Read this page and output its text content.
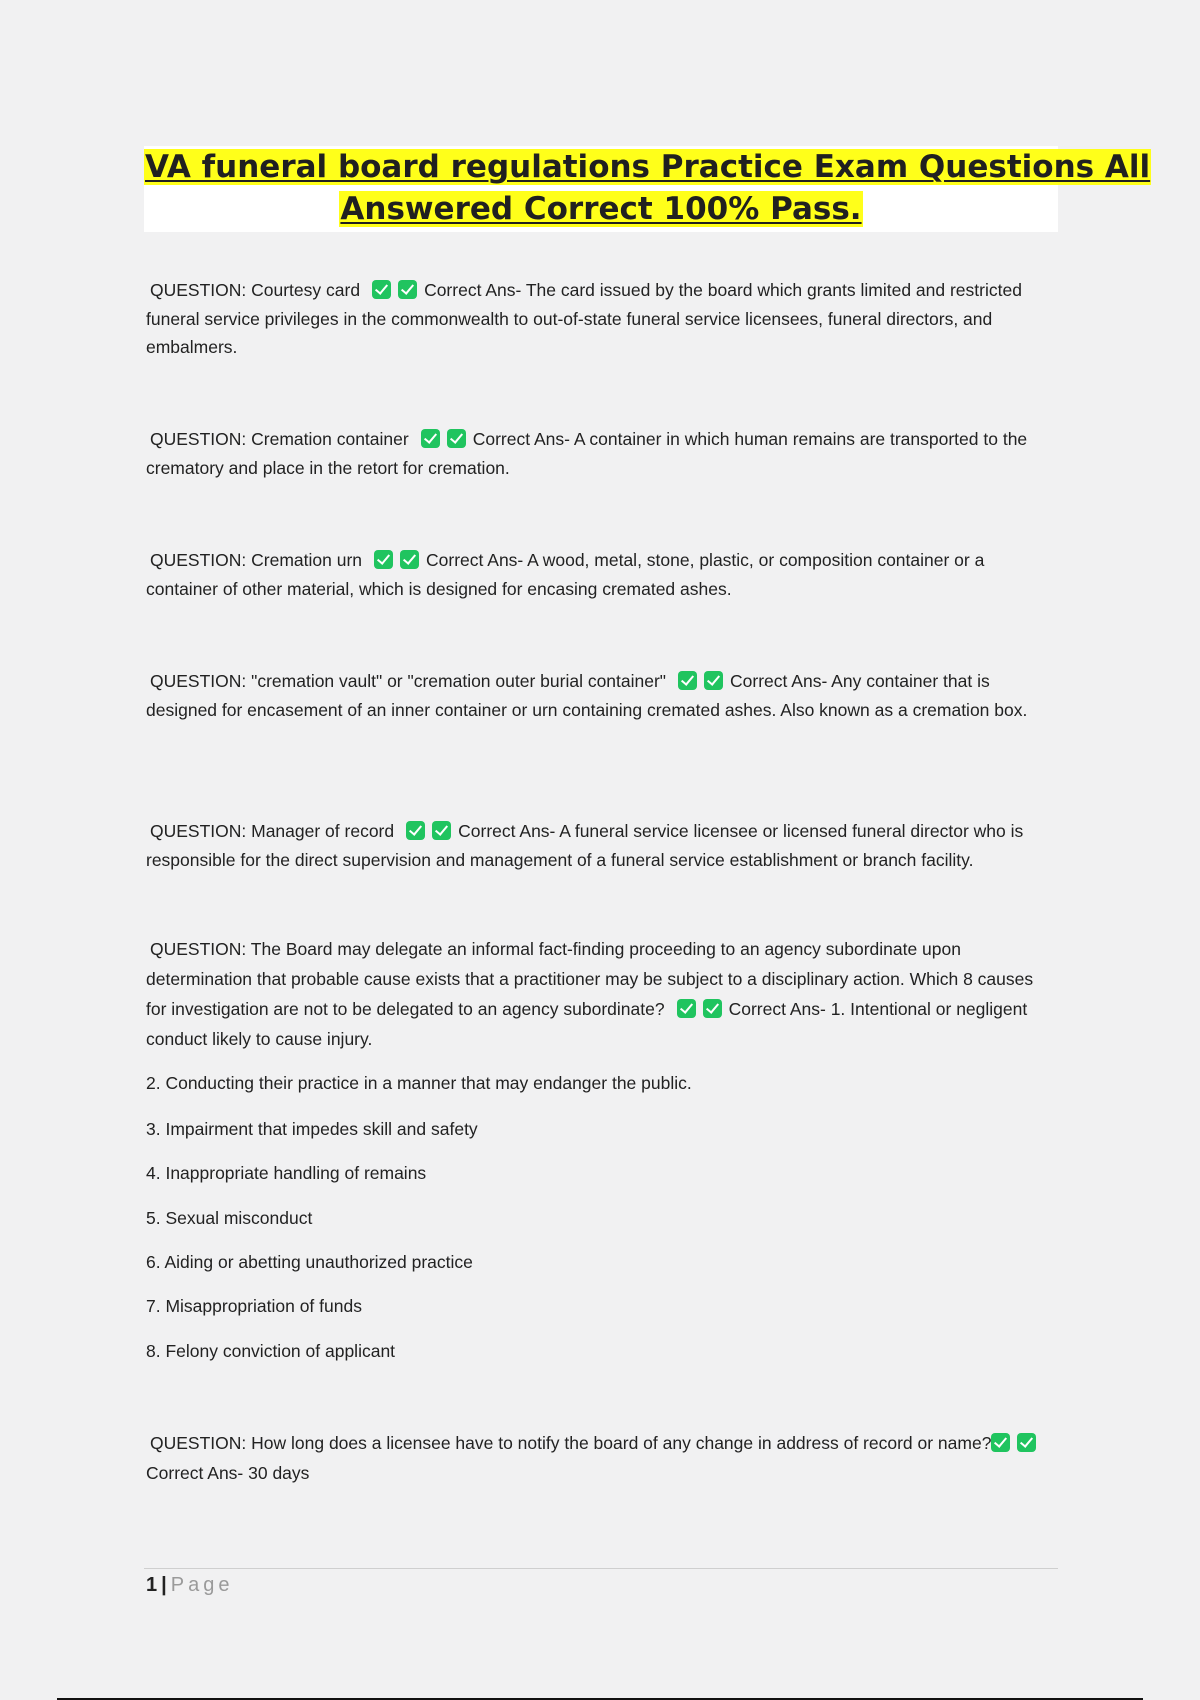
VA funeral board regulations Practice Exam Questions All
Answered Correct 100% Pass.
QUESTION: Courtesy card	Correct Ans- The card issued by the board which grants limited and restricted funeral service privileges in the commonwealth to out-of-state funeral service licensees, funeral directors, and embalmers.
QUESTION: Cremation container	Correct Ans- A container in which human remains are transported to the crematory and place in the retort for cremation.
QUESTION: Cremation urn	Correct Ans- A wood, metal, stone, plastic, or composition container or a container of other material, which is designed for encasing cremated ashes.
QUESTION: "cremation vault" or "cremation outer burial container"	Correct Ans- Any container that is designed for encasement of an inner container or urn containing cremated ashes. Also known as a cremation box.
QUESTION: Manager of record	Correct Ans- A funeral service licensee or licensed funeral director who is responsible for the direct supervision and management of a funeral service establishment or branch facility.
QUESTION: The Board may delegate an informal fact-finding proceeding to an agency subordinate upon determination that probable cause exists that a practitioner may be subject to a disciplinary action. Which 8 causes for investigation are not to be delegated to an agency subordinate?	Correct Ans- 1. Intentional or negligent conduct likely to cause injury.
2. Conducting their practice in a manner that may endanger the public.
3. Impairment that impedes skill and safety
4. Inappropriate handling of remains
5. Sexual misconduct
6. Aiding or abetting unauthorized practice
7. Misappropriation of funds
8. Felony conviction of applicant
QUESTION: How long does a licensee have to notify the board of any change in address of record or name?Correct Ans- 30 days
1 | Page
